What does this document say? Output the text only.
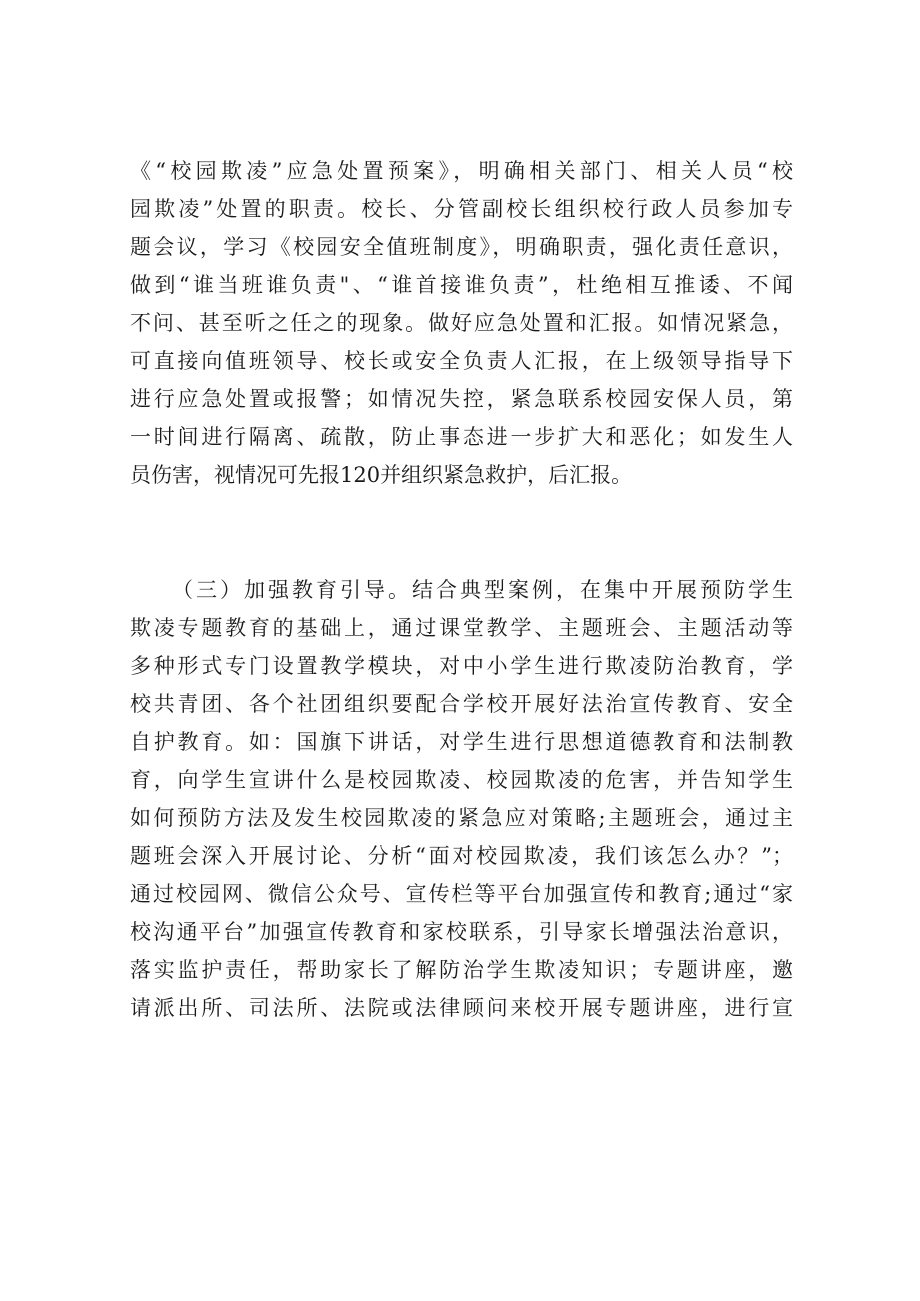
《“校园欺凌”应急处置预案》，明确相关部门、相关人员“校
园欺凌”处置的职责。校长、分管副校长组织校行政人员参加专
题会议，学习《校园安全值班制度》，明确职责，强化责任意识，
做到“谁当班谁负责"、“谁首接谁负责”，杜绝相互推诿、不闻
不问、甚至听之任之的现象。做好应急处置和汇报。如情况紧急，
可直接向值班领导、校长或安全负责人汇报，在上级领导指导下
进行应急处置或报警；如情况失控，紧急联系校园安保人员，第
一时间进行隔离、疏散，防止事态进一步扩大和恶化；如发生人
员伤害，视情况可先报120并组织紧急救护，后汇报。
（三）加强教育引导。结合典型案例，在集中开展预防学生
欺凌专题教育的基础上，通过课堂教学、主题班会、主题活动等
多种形式专门设置教学模块，对中小学生进行欺凌防治教育，学
校共青团、各个社团组织要配合学校开展好法治宣传教育、安全
自护教育。如：国旗下讲话，对学生进行思想道德教育和法制教
育，向学生宣讲什么是校园欺凌、校园欺凌的危害，并告知学生
如何预防方法及发生校园欺凌的紧急应对策略;主题班会，通过主
题班会深入开展讨论、分析“面对校园欺凌，我们该怎么办？”；
通过校园网、微信公众号、宣传栏等平台加强宣传和教育;通过“家
校沟通平台”加强宣传教育和家校联系，引导家长增强法治意识，
落实监护责任，帮助家长了解防治学生欺凌知识；专题讲座，邀
请派出所、司法所、法院或法律顾问来校开展专题讲座，进行宣
